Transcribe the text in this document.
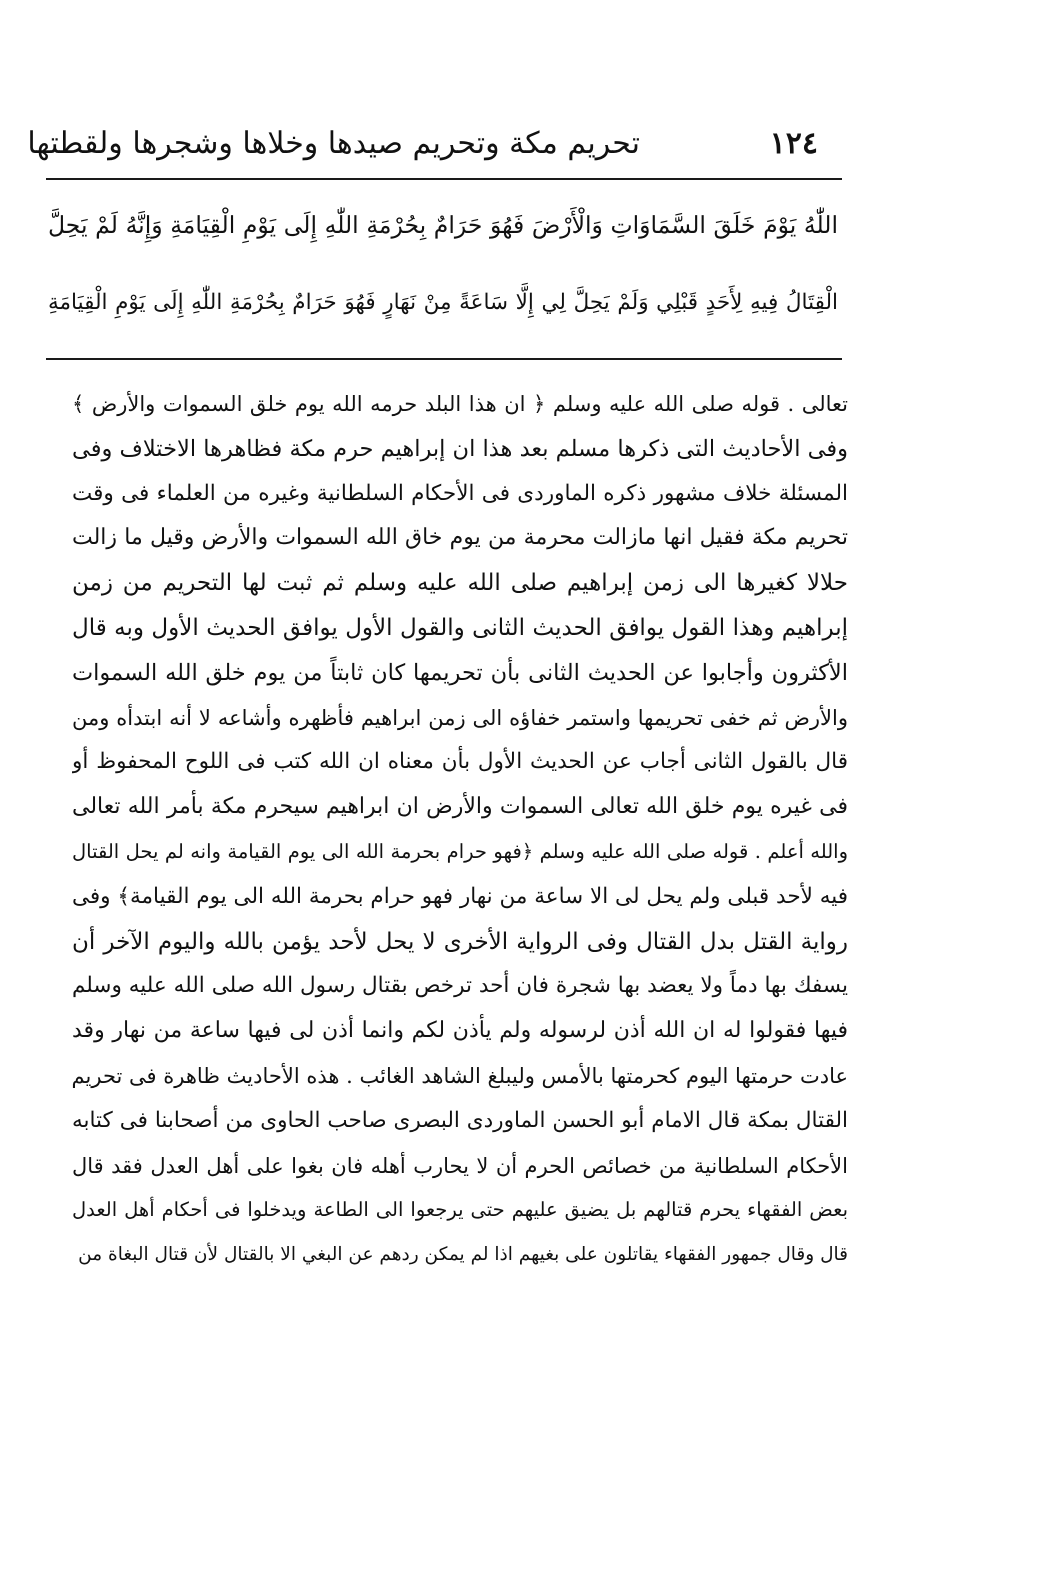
١٢٤
تحريم مكة وتحريم صيدها وخلاها وشجرها ولقطتها
اللّٰهُ يَوْمَ خَلَقَ السَّمَاوَاتِ وَالْأَرْضَ فَهُوَ حَرَامٌ بِحُرْمَةِ اللّٰهِ إِلَى يَوْمِ الْقِيَامَةِ وَإِنَّهُ لَمْ يَحِلَّ
الْقِتَالُ فِيهِ لِأَحَدٍ قَبْلِي وَلَمْ يَحِلَّ لِي إِلَّا سَاعَةً مِنْ نَهَارٍ فَهُوَ حَرَامٌ بِحُرْمَةِ اللّٰهِ إِلَى يَوْمِ الْقِيَامَةِ
تعالى . قوله صلى الله عليه وسلم ﴿ ان هذا البلد حرمه الله يوم خلق السموات والأرض ﴾
وفى الأحاديث التى ذكرها مسلم بعد هذا ان إبراهيم حرم مكة فظاهرها الاختلاف وفى
المسئلة خلاف مشهور ذكره الماوردى فى الأحكام السلطانية وغيره من العلماء فى وقت
تحريم مكة فقيل انها مازالت محرمة من يوم خاق الله السموات والأرض وقيل ما زالت
حلالا كغيرها الى زمن إبراهيم صلى الله عليه وسلم ثم ثبت لها التحريم من زمن
إبراهيم وهذا القول يوافق الحديث الثانى والقول الأول يوافق الحديث الأول وبه قال
الأكثرون وأجابوا عن الحديث الثانى بأن تحريمها كان ثابتاً من يوم خلق الله السموات
والأرض ثم خفى تحريمها واستمر خفاؤه الى زمن ابراهيم فأظهره وأشاعه لا أنه ابتدأه ومن
قال بالقول الثانى أجاب عن الحديث الأول بأن معناه ان الله كتب فى اللوح المحفوظ أو
فى غيره يوم خلق الله تعالى السموات والأرض ان ابراهيم سيحرم مكة بأمر الله تعالى
والله أعلم . قوله صلى الله عليه وسلم ﴿فهو حرام بحرمة الله الى يوم القيامة وانه لم يحل القتال
فيه لأحد قبلى ولم يحل لى الا ساعة من نهار فهو حرام بحرمة الله الى يوم القيامة﴾ وفى
رواية القتل بدل القتال وفى الرواية الأخرى لا يحل لأحد يؤمن بالله واليوم الآخر أن
يسفك بها دماً ولا يعضد بها شجرة فان أحد ترخص بقتال رسول الله صلى الله عليه وسلم
فيها فقولوا له ان الله أذن لرسوله ولم يأذن لكم وانما أذن لى فيها ساعة من نهار وقد
عادت حرمتها اليوم كحرمتها بالأمس وليبلغ الشاهد الغائب . هذه الأحاديث ظاهرة فى تحريم
القتال بمكة قال الامام أبو الحسن الماوردى البصرى صاحب الحاوى من أصحابنا فى كتابه
الأحكام السلطانية من خصائص الحرم أن لا يحارب أهله فان بغوا على أهل العدل فقد قال
بعض الفقهاء يحرم قتالهم بل يضيق عليهم حتى يرجعوا الى الطاعة ويدخلوا فى أحكام أهل العدل
قال وقال جمهور الفقهاء يقاتلون على بغيهم اذا لم يمكن ردهم عن البغي الا بالقتال لأن قتال البغاة من
